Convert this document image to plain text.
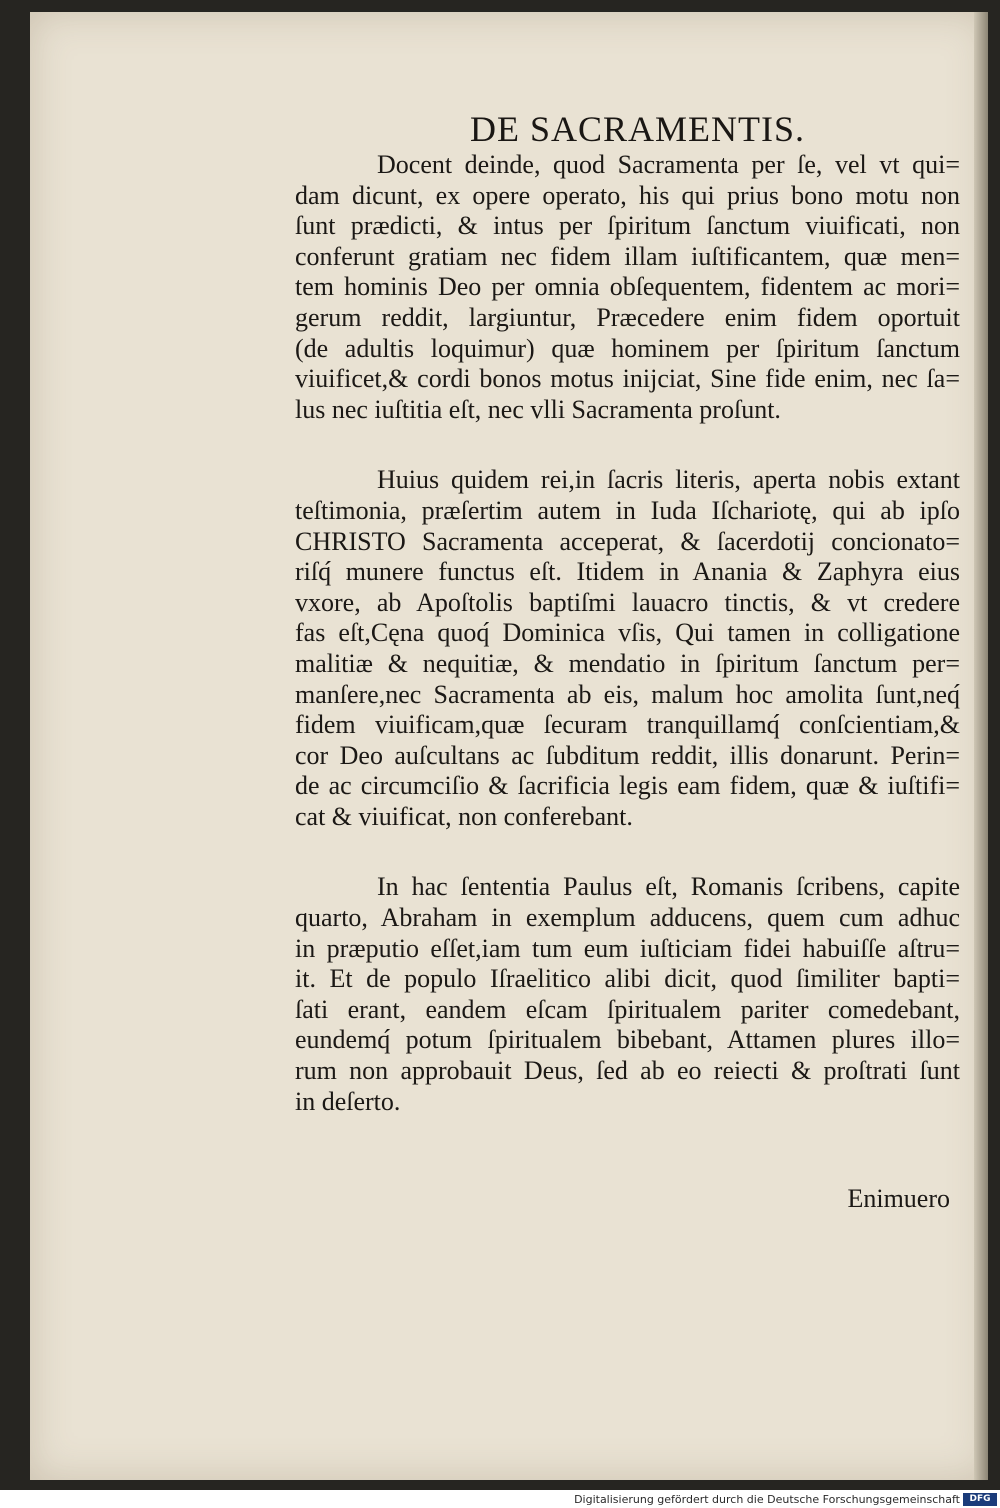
DE SACRAMENTIS.

Docent deinde, quod Sacramenta per ſe, vel vt qui=
dam dicunt, ex opere operato, his qui prius bono motu non
ſunt prædicti, & intus per ſpiritum ſanctum viuificati, non
conferunt gratiam nec fidem illam iuſtificantem, quæ men=
tem hominis Deo per omnia obſequentem, fidentem ac mori=
gerum reddit, largiuntur, Præcedere enim fidem oportuit
(de adultis loquimur) quæ hominem per ſpiritum ſanctum
viuificet,& cordi bonos motus inijciat, Sine fide enim, nec ſa=
lus nec iuſtitia eſt, nec vlli Sacramenta proſunt.

Huius quidem rei,in ſacris literis, aperta nobis extant
teſtimonia, præſertim autem in Iuda Iſchariotę, qui ab ipſo
CHRISTO Sacramenta acceperat, & ſacerdotij concionato=
riſq́ munere functus eſt. Itidem in Anania & Zaphyra eius
vxore, ab Apoſtolis baptiſmi lauacro tinctis, & vt credere
fas eſt,Cęna quoq́ Dominica vſis, Qui tamen in colligatione
malitiæ & nequitiæ, & mendatio in ſpiritum ſanctum per=
manſere,nec Sacramenta ab eis, malum hoc amolita ſunt,neq́
fidem viuificam,quæ ſecuram tranquillamq́ conſcientiam,&
cor Deo auſcultans ac ſubditum reddit, illis donarunt. Perin=
de ac circumciſio & ſacrificia legis eam fidem, quæ & iuſtifi=
cat & viuificat, non conferebant.

In hac ſententia Paulus eſt, Romanis ſcribens, capite
quarto, Abraham in exemplum adducens, quem cum adhuc
in præputio eſſet,iam tum eum iuſticiam fidei habuiſſe aſtru=
it. Et de populo Iſraelitico alibi dicit, quod ſimiliter bapti=
ſati erant, eandem eſcam ſpiritualem pariter comedebant,
eundemq́ potum ſpiritualem bibebant, Attamen plures illo=
rum non approbauit Deus, ſed ab eo reiecti & proſtrati ſunt
in deſerto.

Enimuero
Digitalisierung gefördert durch die Deutsche Forschungsgemeinschaft	DFG
